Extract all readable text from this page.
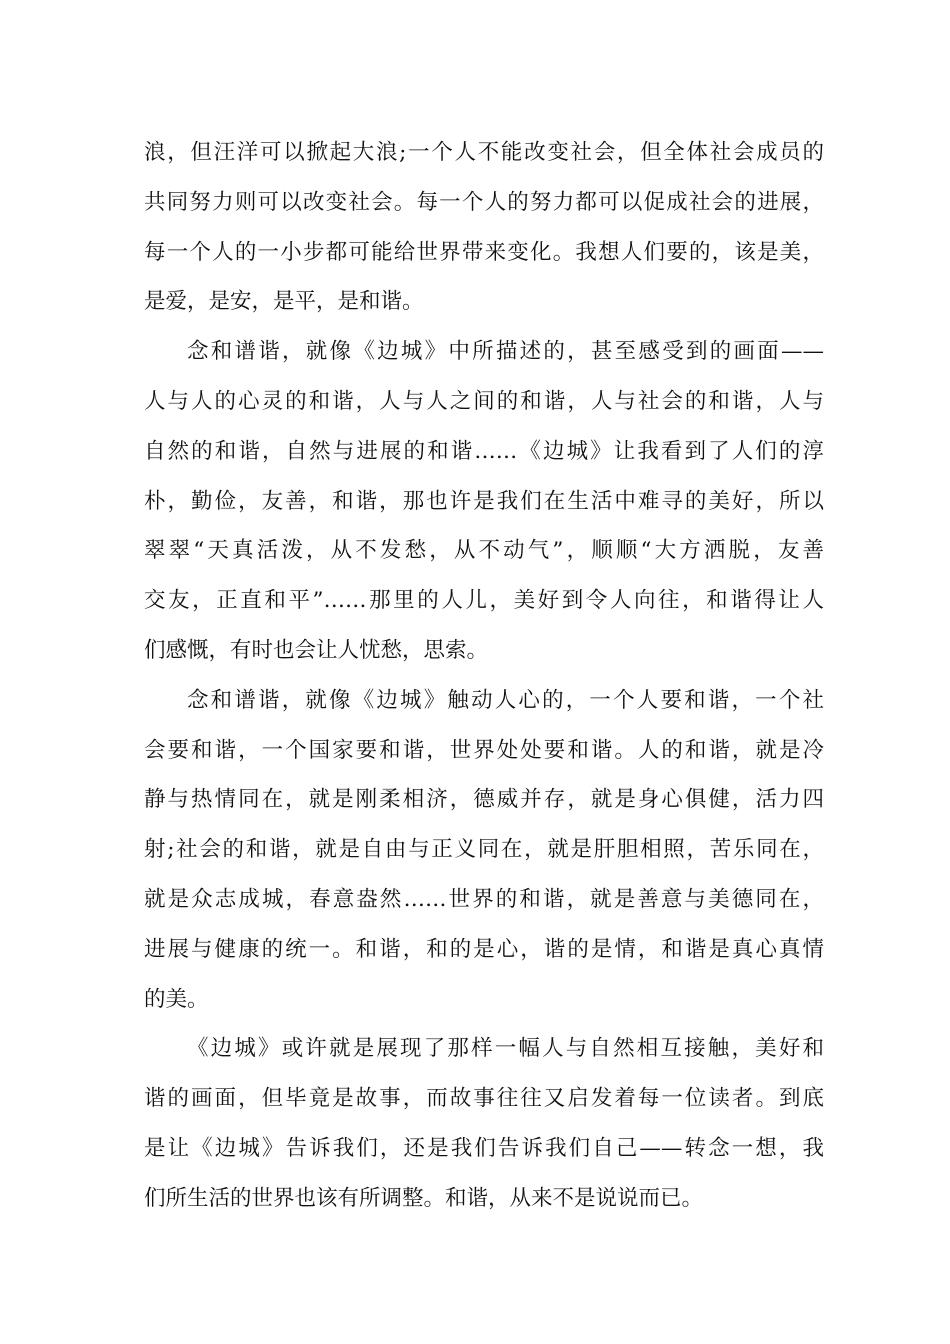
浪，但汪洋可以掀起大浪;一个人不能改变社会，但全体社会成员的
共同努力则可以改变社会。每一个人的努力都可以促成社会的进展，
每一个人的一小步都可能给世界带来变化。我想人们要的，该是美，
是爱，是安，是平，是和谐。
念和谱谐，就像《边城》中所描述的，甚至感受到的画面——
人与人的心灵的和谐，人与人之间的和谐，人与社会的和谐，人与
自然的和谐，自然与进展的和谐……《边城》让我看到了人们的淳
朴，勤俭，友善，和谐，那也许是我们在生活中难寻的美好，所以
翠翠“天真活泼，从不发愁，从不动气”，顺顺“大方洒脱，友善
交友，正直和平”……那里的人儿，美好到令人向往，和谐得让人
们感慨，有时也会让人忧愁，思索。
念和谱谐，就像《边城》触动人心的，一个人要和谐，一个社
会要和谐，一个国家要和谐，世界处处要和谐。人的和谐，就是冷
静与热情同在，就是刚柔相济，德威并存，就是身心俱健，活力四
射;社会的和谐，就是自由与正义同在，就是肝胆相照，苦乐同在，
就是众志成城，春意盎然……世界的和谐，就是善意与美德同在，
进展与健康的统一。和谐，和的是心，谐的是情，和谐是真心真情
的美。
《边城》或许就是展现了那样一幅人与自然相互接触，美好和
谐的画面，但毕竟是故事，而故事往往又启发着每一位读者。到底
是让《边城》告诉我们，还是我们告诉我们自己——转念一想，我
们所生活的世界也该有所调整。和谐，从来不是说说而已。
